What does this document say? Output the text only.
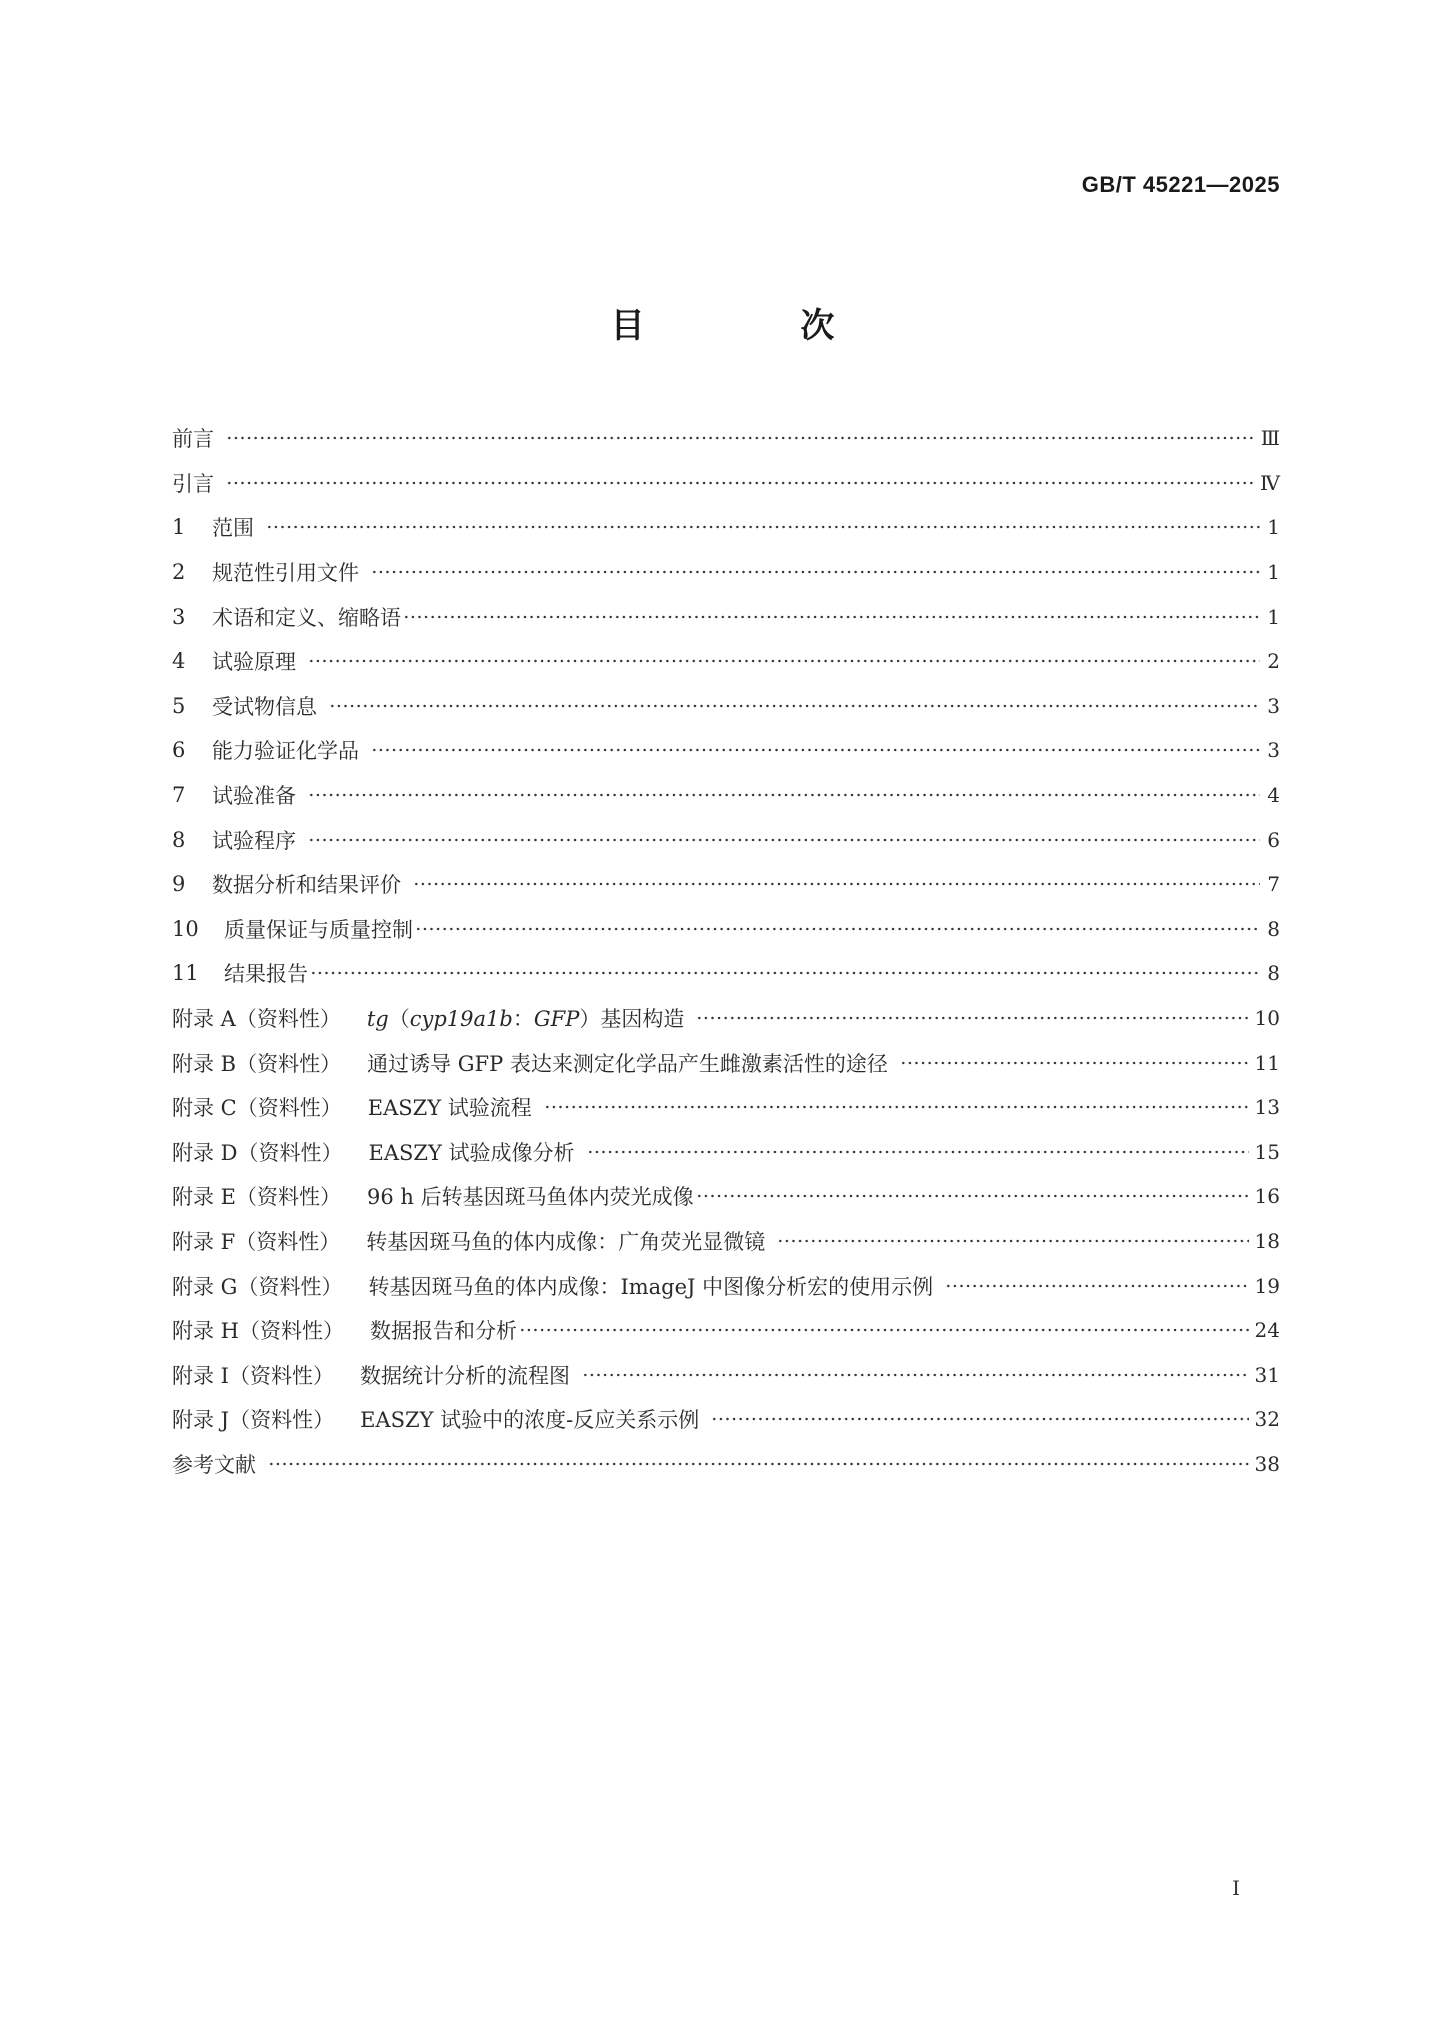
GB/T 45221—2025
目 次
前言	Ⅲ
引言	Ⅳ
1	范围	1
2	规范性引用文件	1
3	术语和定义、缩略语	1
4	试验原理	2
5	受试物信息	3
6	能力验证化学品	3
7	试验准备	4
8	试验程序	6
9	数据分析和结果评价	7
10	质量保证与质量控制	8
11	结果报告	8
附录 A（资料性） tg（cyp19a1b：GFP）基因构造	10
附录 B（资料性） 通过诱导 GFP 表达来测定化学品产生雌激素活性的途径	11
附录 C（资料性） EASZY 试验流程	13
附录 D（资料性） EASZY 试验成像分析	15
附录 E（资料性） 96 h 后转基因斑马鱼体内荧光成像	16
附录 F（资料性） 转基因斑马鱼的体内成像：广角荧光显微镜	18
附录 G（资料性） 转基因斑马鱼的体内成像：ImageJ 中图像分析宏的使用示例	19
附录 H（资料性） 数据报告和分析	24
附录 I（资料性） 数据统计分析的流程图	31
附录 J（资料性） EASZY 试验中的浓度-反应关系示例	32
参考文献	38
I
